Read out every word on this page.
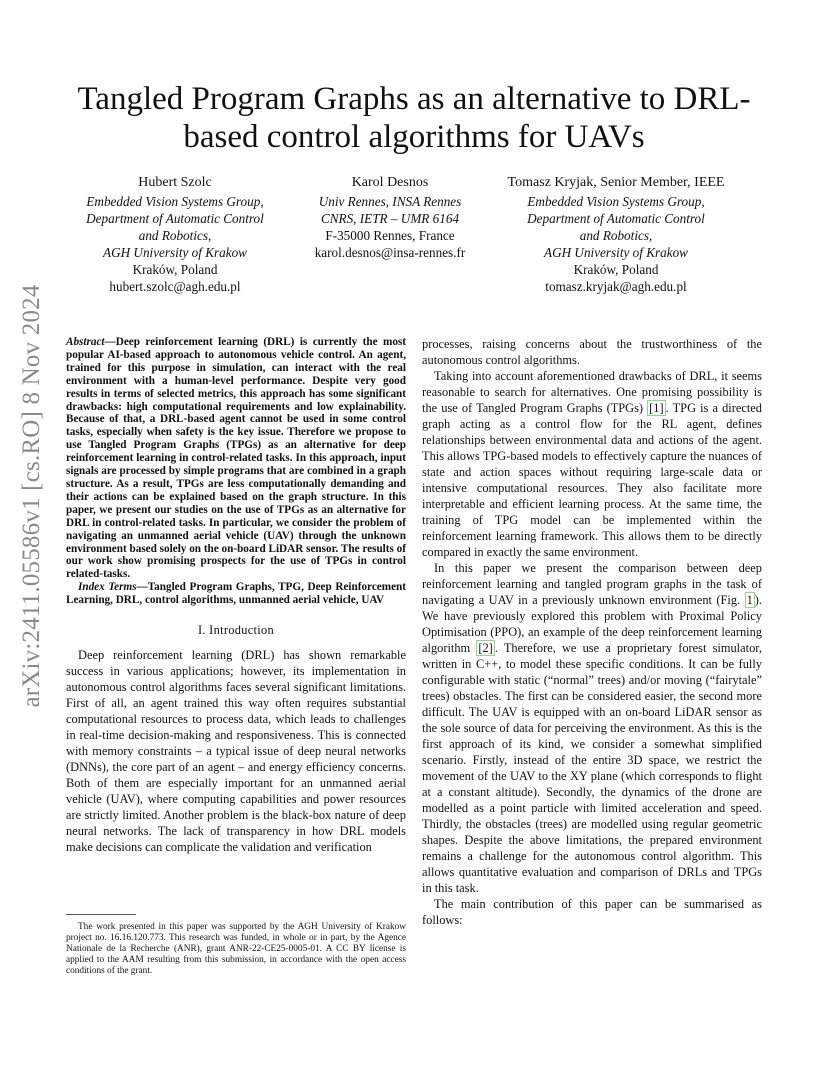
arXiv:2411.05586v1 [cs.RO] 8 Nov 2024
Tangled Program Graphs as an alternative to DRL-based control algorithms for UAVs
Hubert Szolc
Embedded Vision Systems Group,
Department of Automatic Control
and Robotics,
AGH University of Krakow
Kraków, Poland
hubert.szolc@agh.edu.pl
Karol Desnos
Univ Rennes, INSA Rennes
CNRS, IETR – UMR 6164
F-35000 Rennes, France
karol.desnos@insa-rennes.fr
Tomasz Kryjak, Senior Member, IEEE
Embedded Vision Systems Group,
Department of Automatic Control
and Robotics,
AGH University of Krakow
Kraków, Poland
tomasz.kryjak@agh.edu.pl
Abstract—Deep reinforcement learning (DRL) is currently the most popular AI-based approach to autonomous vehicle control. An agent, trained for this purpose in simulation, can interact with the real environment with a human-level performance. Despite very good results in terms of selected metrics, this approach has some significant drawbacks: high computational requirements and low explainability. Because of that, a DRL-based agent cannot be used in some control tasks, especially when safety is the key issue. Therefore we propose to use Tangled Program Graphs (TPGs) as an alternative for deep reinforcement learning in control-related tasks. In this approach, input signals are processed by simple programs that are combined in a graph structure. As a result, TPGs are less computationally demanding and their actions can be explained based on the graph structure. In this paper, we present our studies on the use of TPGs as an alternative for DRL in control-related tasks. In particular, we consider the problem of navigating an unmanned aerial vehicle (UAV) through the unknown environment based solely on the on-board LiDAR sensor. The results of our work show promising prospects for the use of TPGs in control related-tasks.
Index Terms—Tangled Program Graphs, TPG, Deep Reinforcement Learning, DRL, control algorithms, unmanned aerial vehicle, UAV
I. Introduction

Deep reinforcement learning (DRL) has shown remarkable success in various applications; however, its implementation in autonomous control algorithms faces several significant limitations. First of all, an agent trained this way often requires substantial computational resources to process data, which leads to challenges in real-time decision-making and responsiveness. This is connected with memory constraints – a typical issue of deep neural networks (DNNs), the core part of an agent – and energy efficiency concerns. Both of them are especially important for an unmanned aerial vehicle (UAV), where computing capabilities and power resources are strictly limited. Another problem is the black-box nature of deep neural networks. The lack of transparency in how DRL models make decisions can complicate the validation and verification

The work presented in this paper was supported by the AGH University of Krakow project no. 16.16.120.773. This research was funded, in whole or in part, by the Agence Nationale de la Recherche (ANR), grant ANR-22-CE25-0005-01. A CC BY license is applied to the AAM resulting from this submission, in accordance with the open access conditions of the grant.

processes, raising concerns about the trustworthiness of the autonomous control algorithms.

Taking into account aforementioned drawbacks of DRL, it seems reasonable to search for alternatives. One promising possibility is the use of Tangled Program Graphs (TPGs) [1] . TPG is a directed graph acting as a control flow for the RL agent, defines relationships between environmental data and actions of the agent. This allows TPG-based models to effectively capture the nuances of state and action spaces without requiring large-scale data or intensive computational resources. They also facilitate more interpretable and efficient learning process. At the same time, the training of TPG model can be implemented within the reinforcement learning framework. This allows them to be directly compared in exactly the same environment.

In this paper we present the comparison between deep reinforcement learning and tangled program graphs in the task of navigating a UAV in a previously unknown environment (Fig. 1 ). We have previously explored this problem with Proximal Policy Optimisation (PPO), an example of the deep reinforcement learning algorithm [2] . Therefore, we use a proprietary forest simulator, written in C++, to model these specific conditions. It can be fully configurable with static (“normal” trees) and/or moving (“fairytale” trees) obstacles. The first can be considered easier, the second more difficult. The UAV is equipped with an on-board LiDAR sensor as the sole source of data for perceiving the environment. As this is the first approach of its kind, we consider a somewhat simplified scenario. Firstly, instead of the entire 3D space, we restrict the movement of the UAV to the XY plane (which corresponds to flight at a constant altitude). Secondly, the dynamics of the drone are modelled as a point particle with limited acceleration and speed. Thirdly, the obstacles (trees) are modelled using regular geometric shapes. Despite the above limitations, the prepared environment remains a challenge for the autonomous control algorithm. This allows quantitative evaluation and comparison of DRLs and TPGs in this task.

The main contribution of this paper can be summarised as follows:
